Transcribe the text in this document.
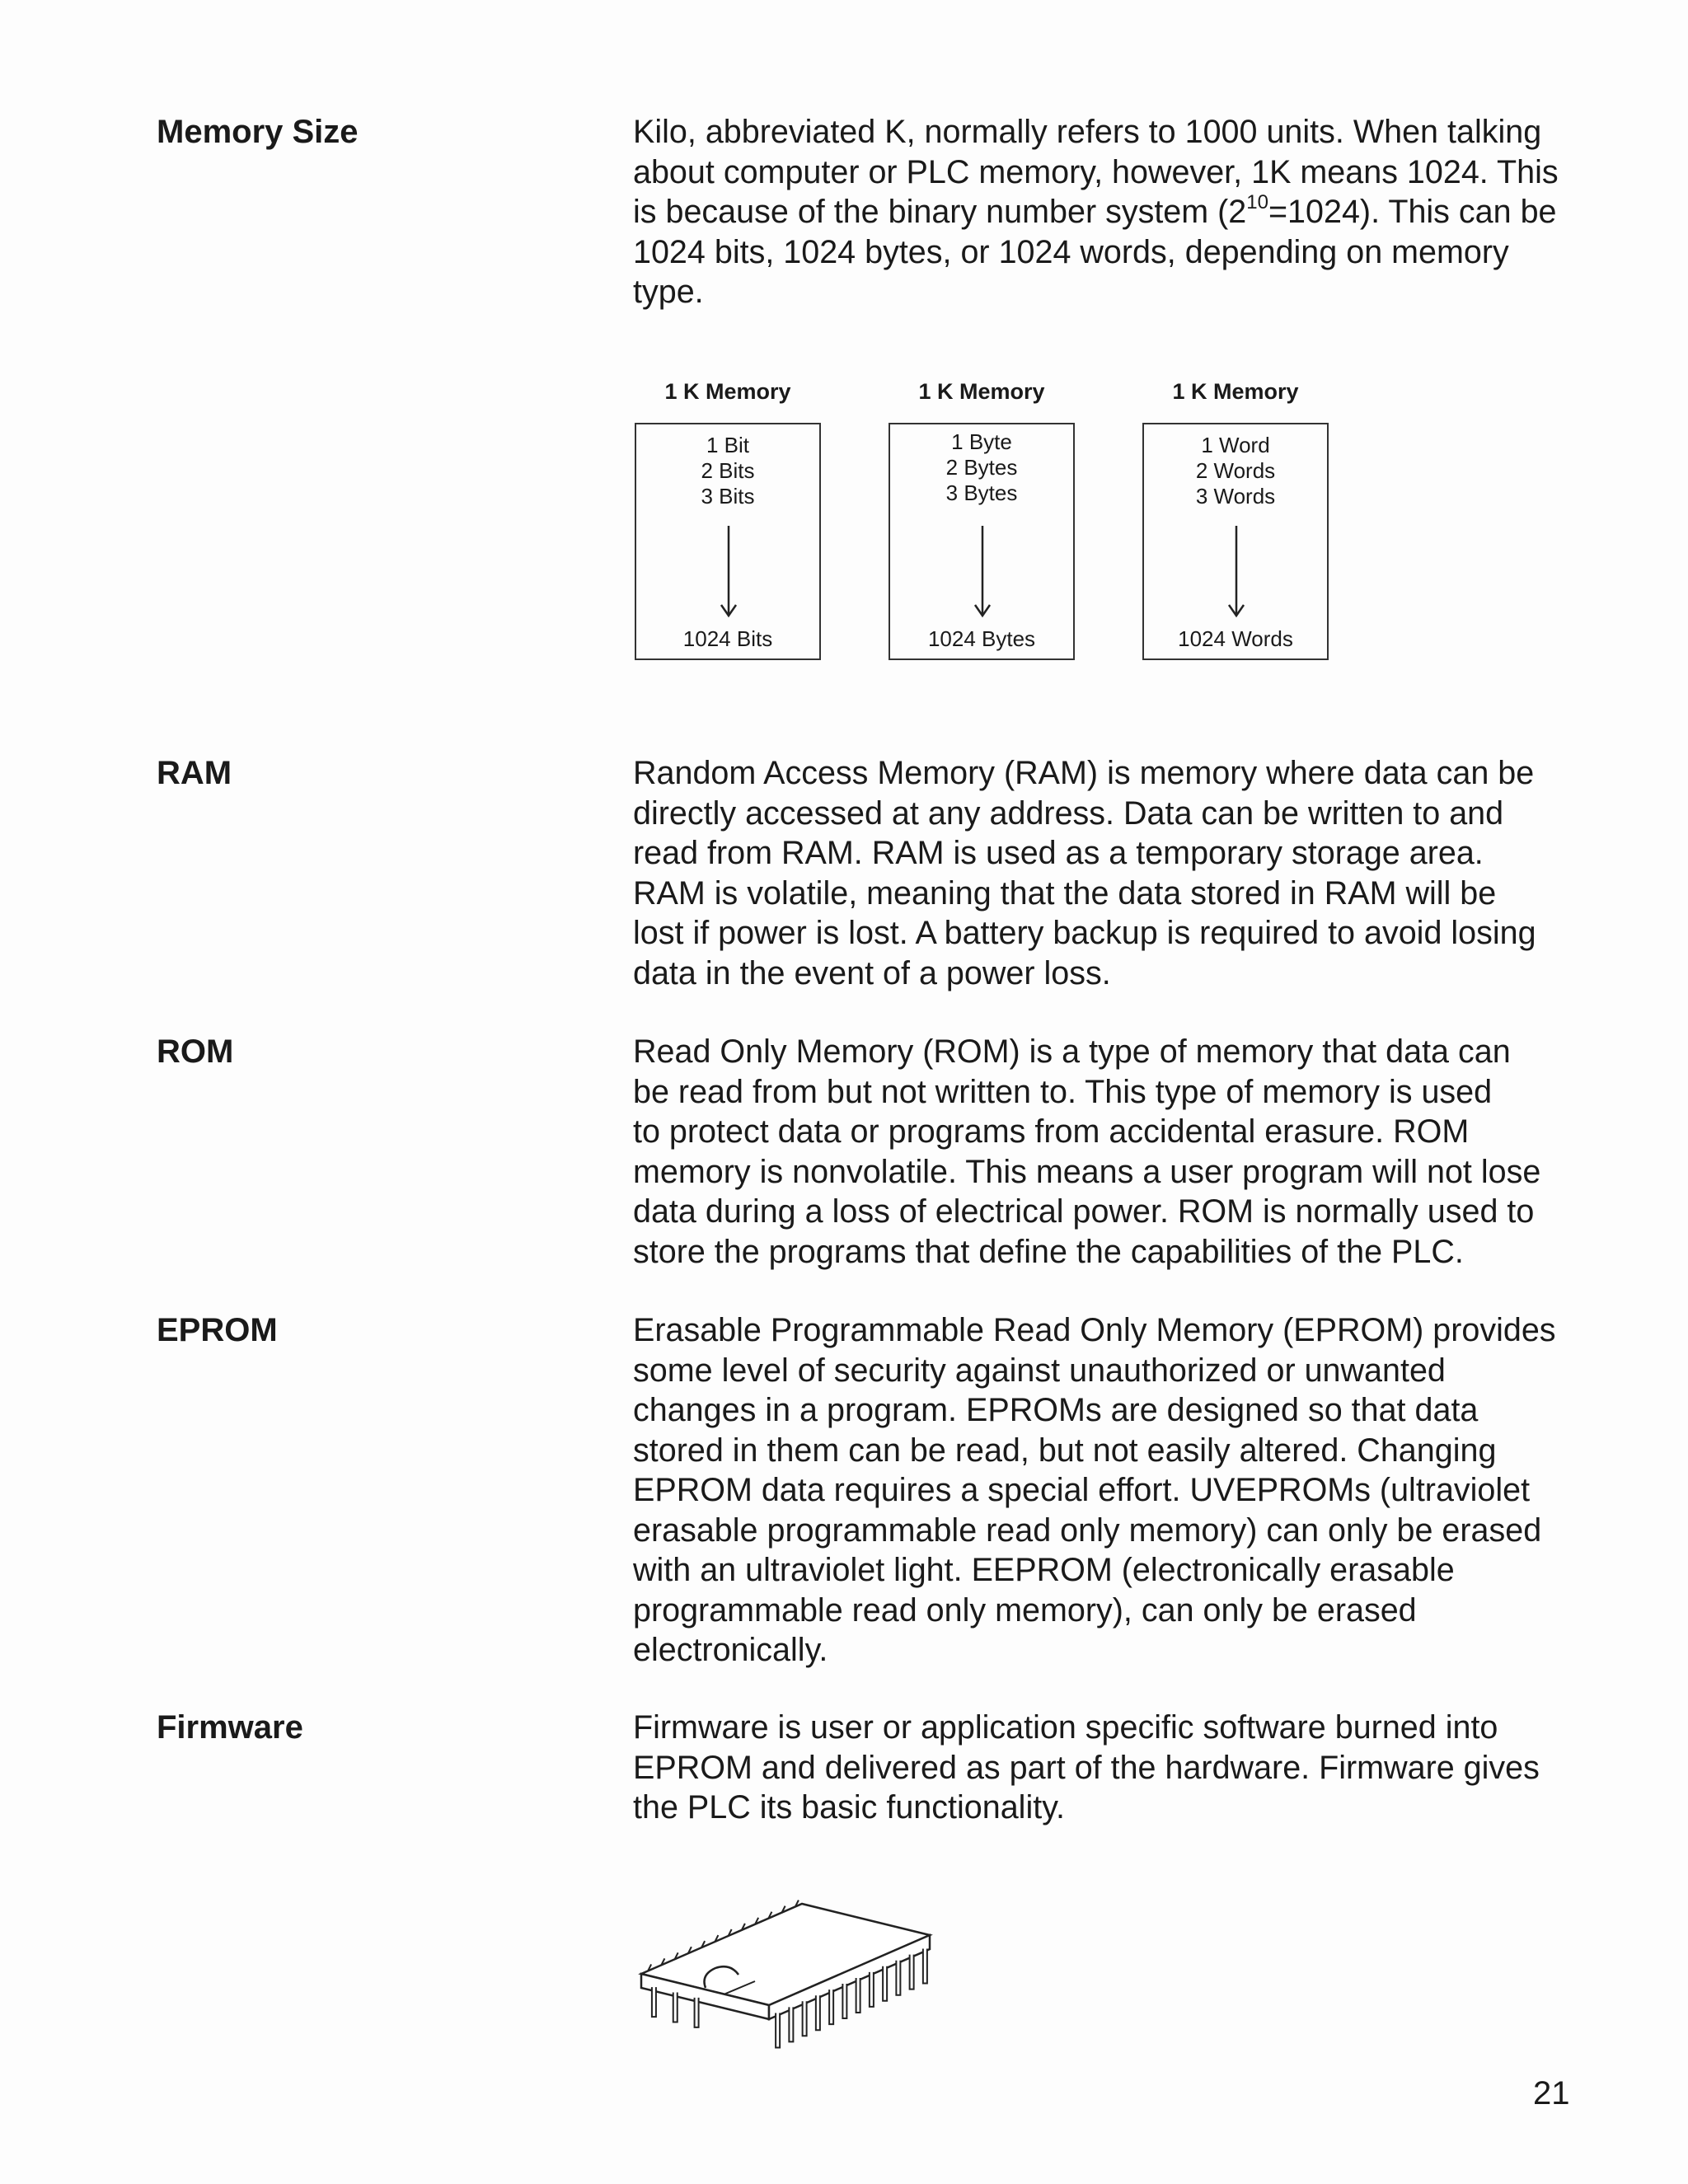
Memory Size	Kilo, abbreviated K, normally refers to 1000 units. When talking
about computer or PLC memory, however, 1K means 1024. This
is because of the binary number system $(2^{10}=1024)$. This can be
1024 bits, 1024 bytes, or 1024 words, depending on memory
type.
1 K Memory
1 Bit
2 Bits
3 Bits
1024 Bits
1 K Memory
1 Byte
2 Bytes
3 Bytes
1024 Bytes
1 K Memory
1 Word
2 Words
3 Words
1024 Words
RAM	Random Access Memory (RAM) is memory where data can be
directly accessed at any address. Data can be written to and
read from RAM. RAM is used as a temporary storage area.
RAM is volatile, meaning that the data stored in RAM will be
lost if power is lost. A battery backup is required to avoid losing
data in the event of a power loss.
ROM	Read Only Memory (ROM) is a type of memory that data can
be read from but not written to. This type of memory is used
to protect data or programs from accidental erasure. ROM
memory is nonvolatile. This means a user program will not lose
data during a loss of electrical power. ROM is normally used to
store the programs that define the capabilities of the PLC.
EPROM	Erasable Programmable Read Only Memory (EPROM) provides
some level of security against unauthorized or unwanted
changes in a program. EPROMs are designed so that data
stored in them can be read, but not easily altered. Changing
EPROM data requires a special effort. UVEPROMs (ultraviolet
erasable programmable read only memory) can only be erased
with an ultraviolet light. EEPROM (electronically erasable
programmable read only memory), can only be erased
electronically.
Firmware	Firmware is user or application specific software burned into
EPROM and delivered as part of the hardware. Firmware gives
the PLC its basic functionality.
21
